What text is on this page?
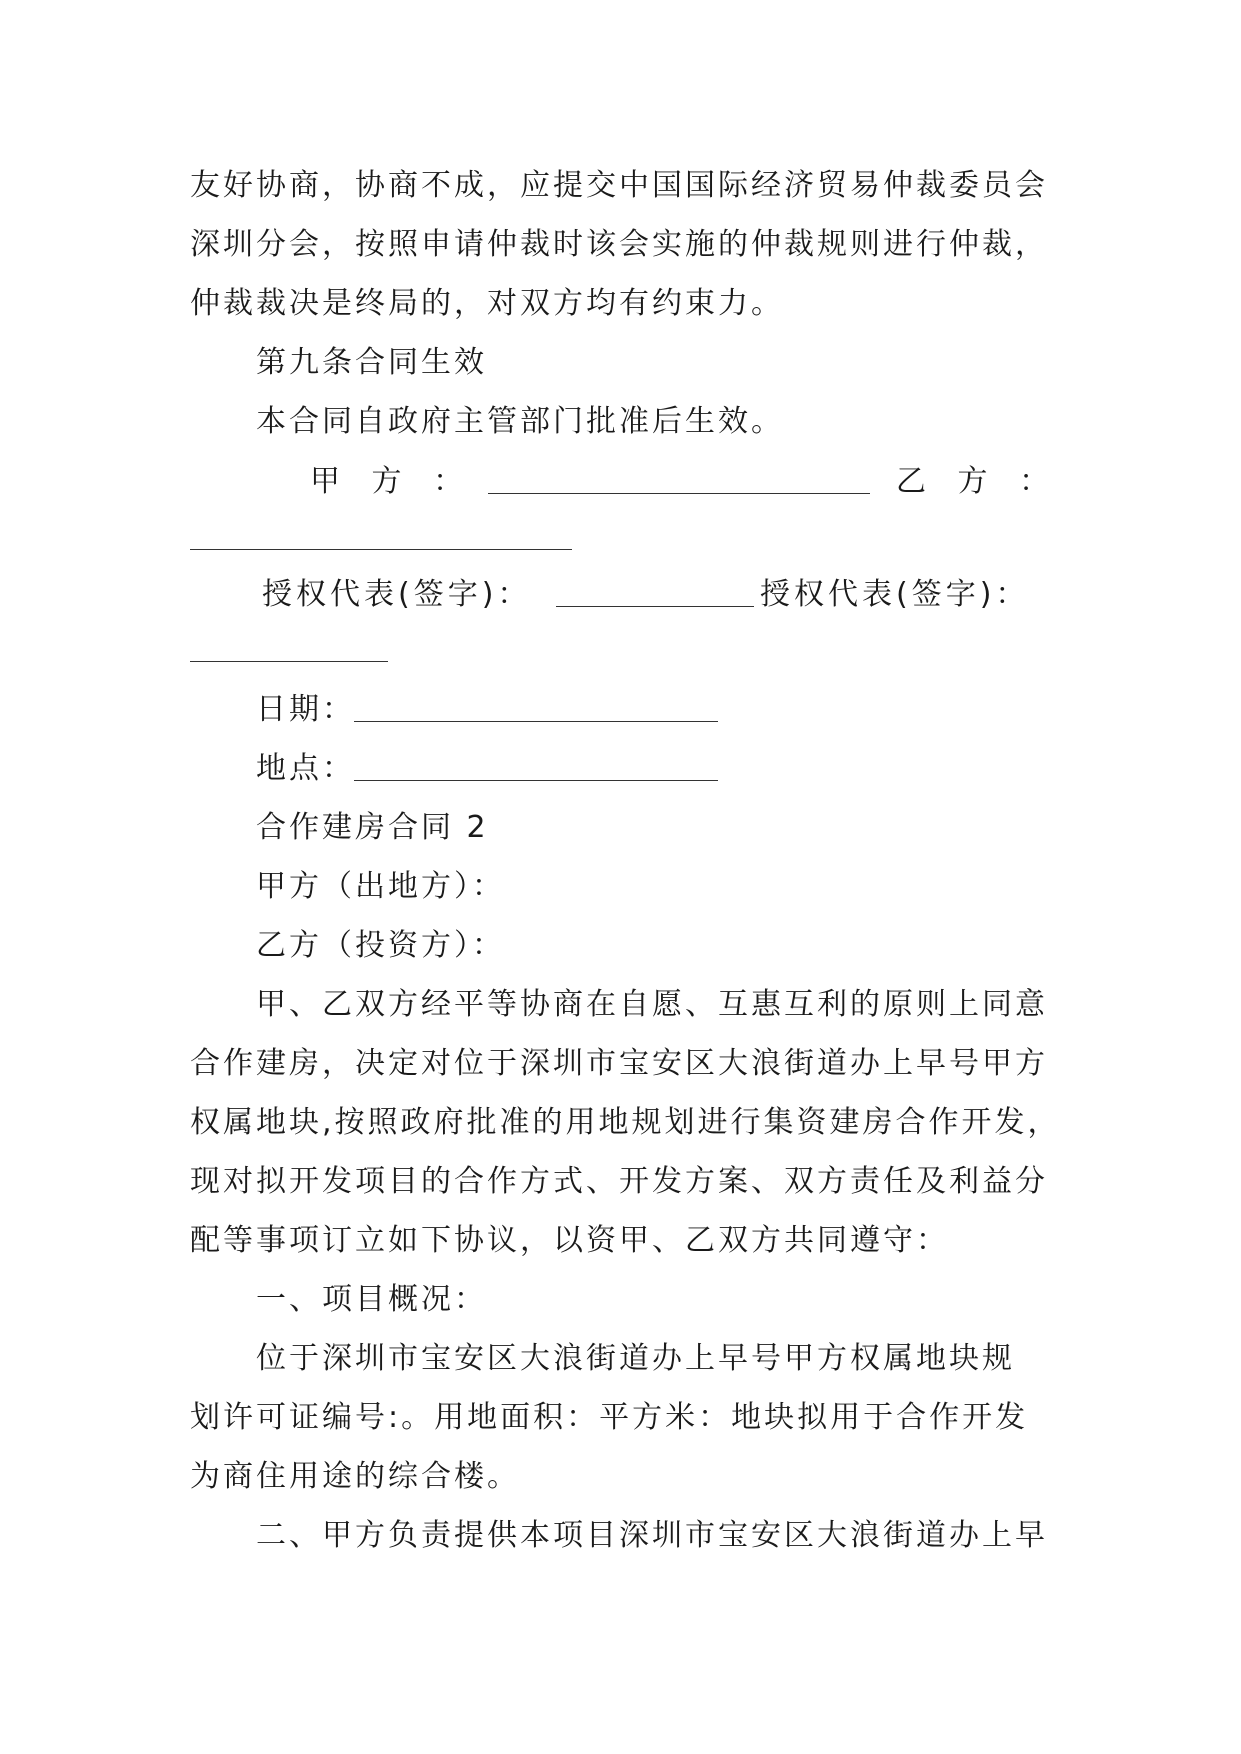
友好协商，协商不成，应提交中国国际经济贸易仲裁委员会
深圳分会，按照申请仲裁时该会实施的仲裁规则进行仲裁，
仲裁裁决是终局的，对双方均有约束力。
第九条合同生效
本合同自政府主管部门批准后生效。
甲 方 ：	乙 方 ：
授权代表(签字)：	授权代表(签字)：
日期：
地点：
合作建房合同 2
甲方（出地方）：
乙方（投资方）：
甲、乙双方经平等协商在自愿、互惠互利的原则上同意
合作建房，决定对位于深圳市宝安区大浪街道办上早号甲方
权属地块,按照政府批准的用地规划进行集资建房合作开发，
现对拟开发项目的合作方式、开发方案、双方责任及利益分
配等事项订立如下协议，以资甲、乙双方共同遵守：
一、项目概况：
位于深圳市宝安区大浪街道办上早号甲方权属地块规
划许可证编号:。用地面积：平方米：地块拟用于合作开发
为商住用途的综合楼。
二、甲方负责提供本项目深圳市宝安区大浪街道办上早
